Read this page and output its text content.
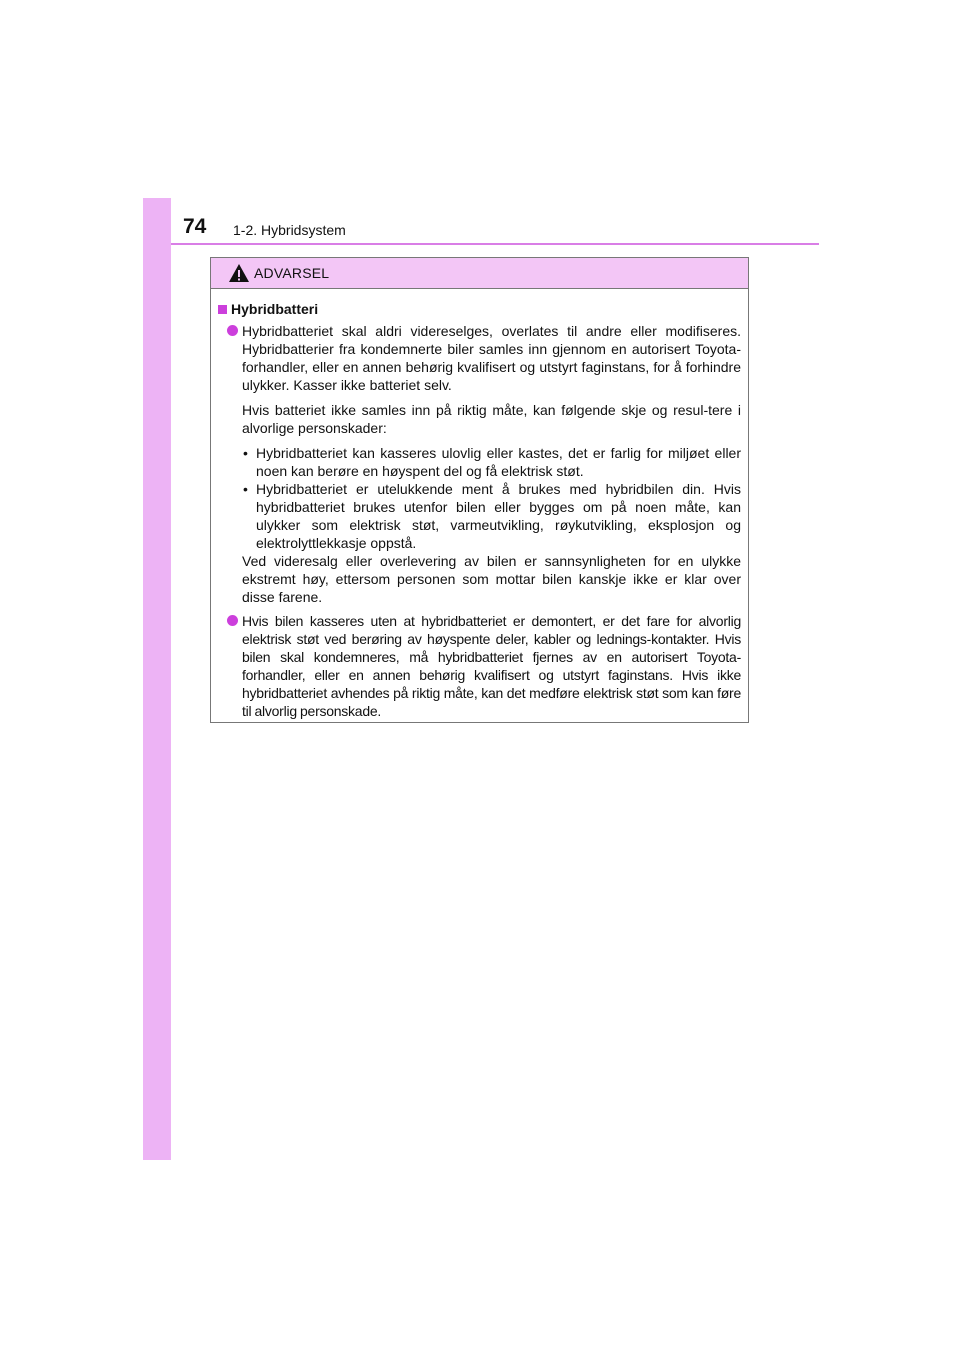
74 1-2. Hybridsystem
ADVARSEL
Hybridbatteri
Hybridbatteriet skal aldri videreselges, overlates til andre eller modifiseres. Hybridbatterier fra kondemnerte biler samles inn gjennom en autorisert Toyota-forhandler, eller en annen behørig kvalifisert og utstyrt faginstans, for å forhindre ulykker. Kasser ikke batteriet selv.
Hvis batteriet ikke samles inn på riktig måte, kan følgende skje og resul-tere i alvorlige personskader:
• Hybridbatteriet kan kasseres ulovlig eller kastes, det er farlig for miljøet eller noen kan berøre en høyspent del og få elektrisk støt.
• Hybridbatteriet er utelukkende ment å brukes med hybridbilen din. Hvis hybridbatteriet brukes utenfor bilen eller bygges om på noen måte, kan ulykker som elektrisk støt, varmeutvikling, røykutvikling, eksplosjon og elektrolyttlekkasje oppstå.
Ved videresalg eller overlevering av bilen er sannsynligheten for en ulykke ekstremt høy, ettersom personen som mottar bilen kanskje ikke er klar over disse farene.
Hvis bilen kasseres uten at hybridbatteriet er demontert, er det fare for alvorlig elektrisk støt ved berøring av høyspente deler, kabler og lednings-kontakter. Hvis bilen skal kondemneres, må hybridbatteriet fjernes av en autorisert Toyota-forhandler, eller en annen behørig kvalifisert og utstyrt faginstans. Hvis ikke hybridbatteriet avhendes på riktig måte, kan det medføre elektrisk støt som kan føre til alvorlig personskade.
